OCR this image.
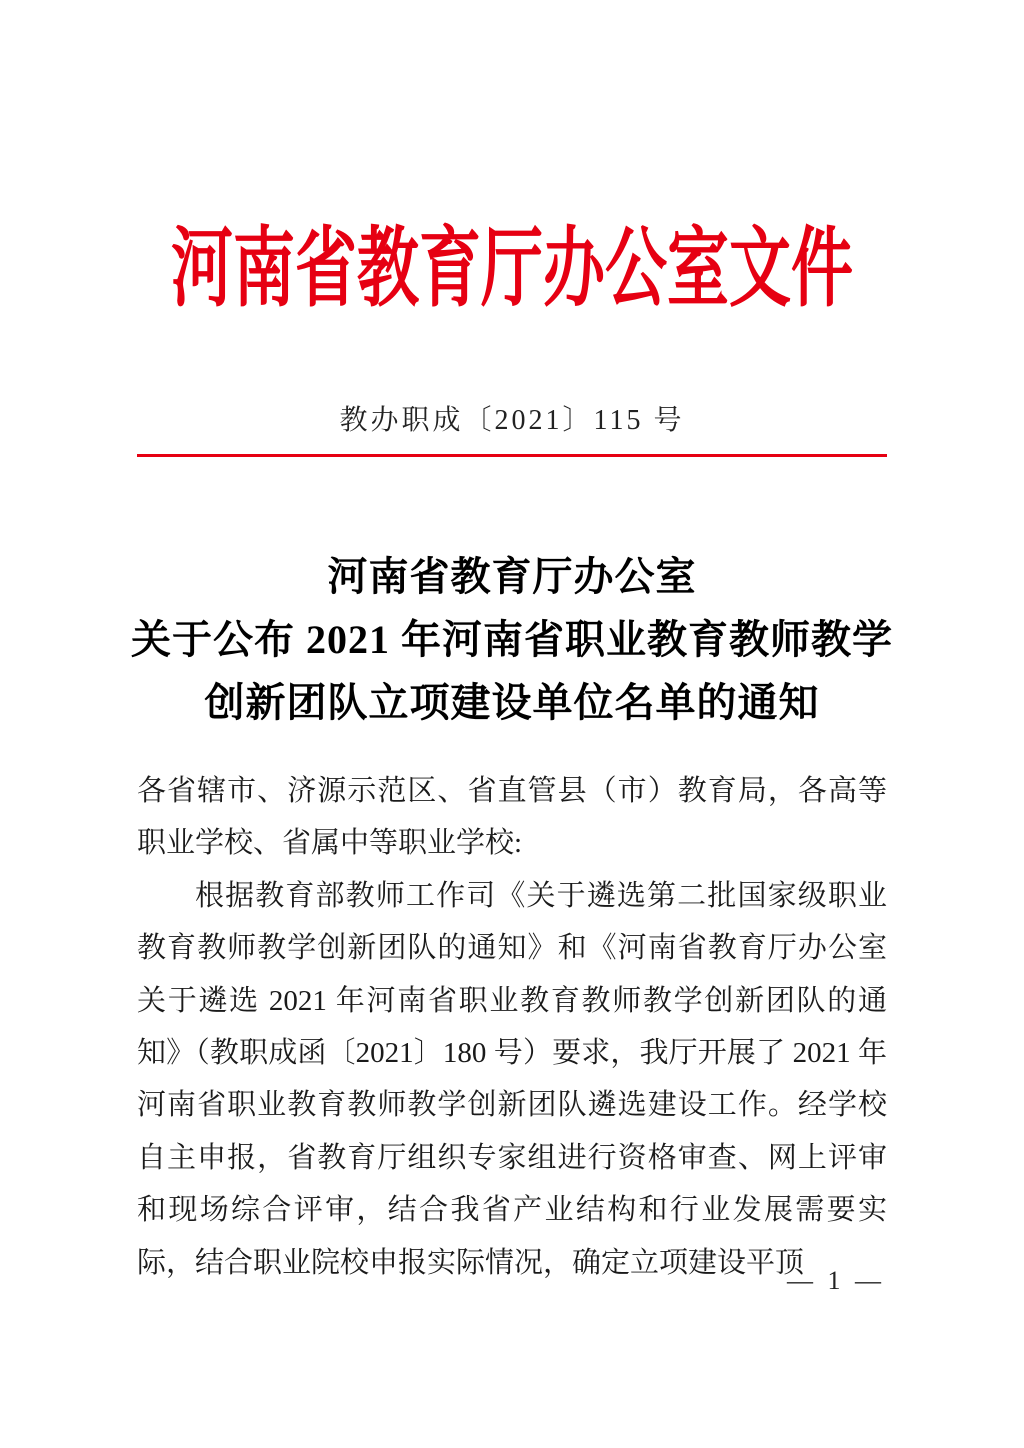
河南省教育厅办公室文件
教办职成〔2021〕115 号
河南省教育厅办公室
关于公布 2021 年河南省职业教育教师教学
创新团队立项建设单位名单的通知

各省辖市、济源示范区、省直管县（市）教育局，各高等职业学校、省属中等职业学校:

根据教育部教师工作司《关于遴选第二批国家级职业教育教师教学创新团队的通知》和《河南省教育厅办公室关于遴选 2021 年河南省职业教育教师教学创新团队的通知》（教职成函〔2021〕180 号）要求，我厅开展了 2021 年河南省职业教育教师教学创新团队遴选建设工作。经学校自主申报，省教育厅组织专家组进行资格审查、网上评审和现场综合评审，结合我省产业结构和行业发展需要实际，结合职业院校申报实际情况，确定立项建设平顶

— 1 —
